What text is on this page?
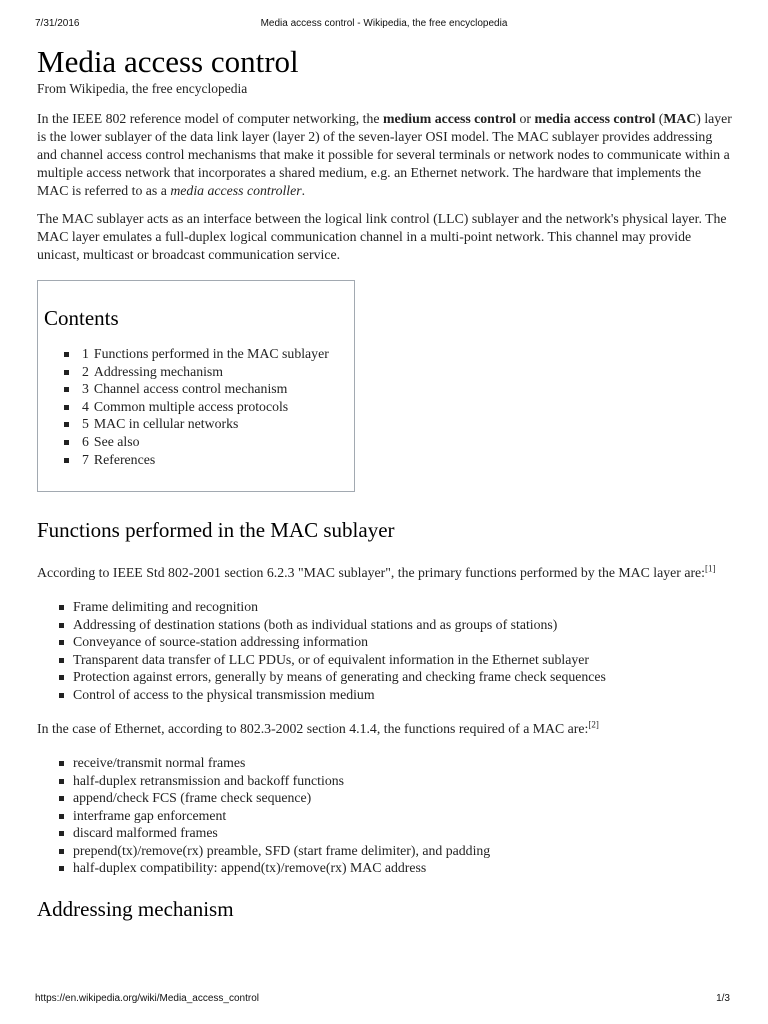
7/31/2016	Media access control - Wikipedia, the free encyclopedia
Media access control
From Wikipedia, the free encyclopedia

In the IEEE 802 reference model of computer networking, the medium access control or media access control (MAC) layer is the lower sublayer of the data link layer (layer 2) of the seven-layer OSI model. The MAC sublayer provides addressing and channel access control mechanisms that make it possible for several terminals or network nodes to communicate within a multiple access network that incorporates a shared medium, e.g. an Ethernet network. The hardware that implements the MAC is referred to as a media access controller.

The MAC sublayer acts as an interface between the logical link control (LLC) sublayer and the network's physical layer. The MAC layer emulates a full-duplex logical communication channel in a multi-point network. This channel may provide unicast, multicast or broadcast communication service.

Contents
1 Functions performed in the MAC sublayer
2 Addressing mechanism
3 Channel access control mechanism
4 Common multiple access protocols
5 MAC in cellular networks
6 See also
7 References
Functions performed in the MAC sublayer

According to IEEE Std 802-2001 section 6.2.3 "MAC sublayer", the primary functions performed by the MAC layer are:[1]

Frame delimiting and recognition
Addressing of destination stations (both as individual stations and as groups of stations)
Conveyance of source-station addressing information
Transparent data transfer of LLC PDUs, or of equivalent information in the Ethernet sublayer
Protection against errors, generally by means of generating and checking frame check sequences
Control of access to the physical transmission medium

In the case of Ethernet, according to 802.3-2002 section 4.1.4, the functions required of a MAC are:[2]

receive/transmit normal frames
half-duplex retransmission and backoff functions
append/check FCS (frame check sequence)
interframe gap enforcement
discard malformed frames
prepend(tx)/remove(rx) preamble, SFD (start frame delimiter), and padding
half-duplex compatibility: append(tx)/remove(rx) MAC address
Addressing mechanism
https://en.wikipedia.org/wiki/Media_access_control	1/3
